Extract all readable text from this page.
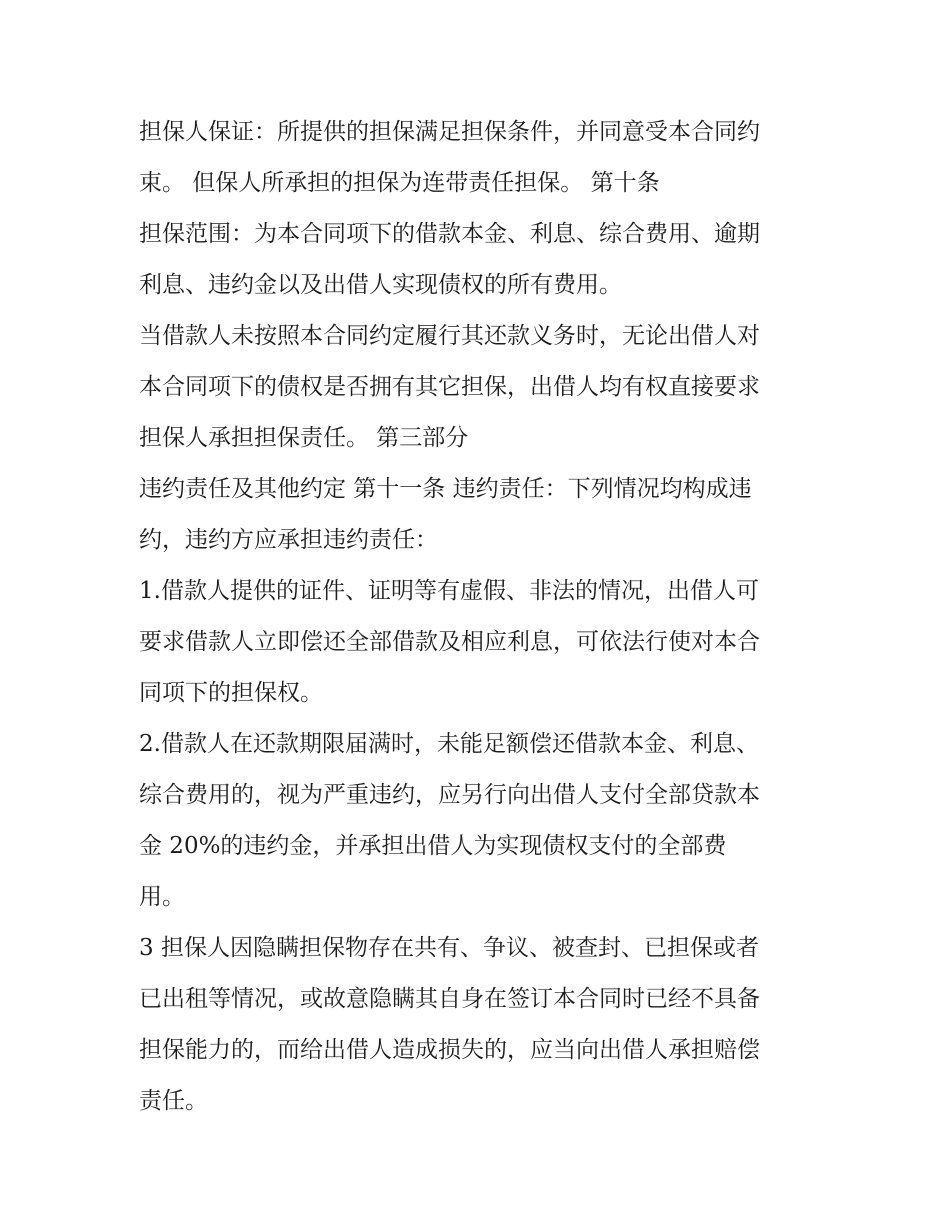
担保人保证：所提供的担保满足担保条件，并同意受本合同约
束。 但保人所承担的担保为连带责任担保。 第十条
担保范围：为本合同项下的借款本金、利息、综合费用、逾期
利息、违约金以及出借人实现债权的所有费用。
当借款人未按照本合同约定履行其还款义务时，无论出借人对
本合同项下的债权是否拥有其它担保，出借人均有权直接要求
担保人承担担保责任。 第三部分
违约责任及其他约定 第十一条 违约责任：下列情况均构成违
约，违约方应承担违约责任：
1.借款人提供的证件、证明等有虚假、非法的情况，出借人可
要求借款人立即偿还全部借款及相应利息，可依法行使对本合
同项下的担保权。
2.借款人在还款期限届满时，未能足额偿还借款本金、利息、
综合费用的，视为严重违约，应另行向出借人支付全部贷款本
金 20%的违约金，并承担出借人为实现债权支付的全部费
用。
3 担保人因隐瞒担保物存在共有、争议、被查封、已担保或者
已出租等情况，或故意隐瞒其自身在签订本合同时已经不具备
担保能力的，而给出借人造成损失的，应当向出借人承担赔偿
责任。
